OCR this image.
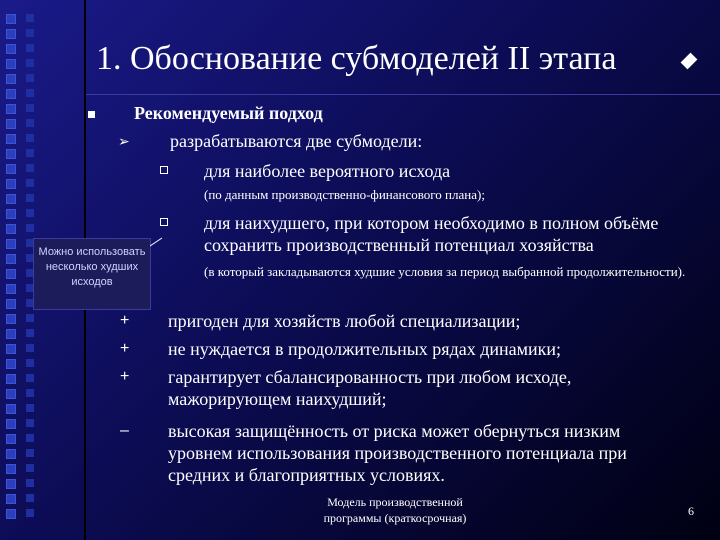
1. Обоснование субмоделей II этапа
Рекомендуемый подход
➢ разрабатываются две субмодели:
для наиболее вероятного исхода
(по данным производственно-финансового плана);
для наихудшего, при котором необходимо в полном объёме сохранить производственный потенциал хозяйства
(в который закладываются худшие условия за период выбранной продолжительности).
Можно использовать несколько худших исходов
+ пригоден для хозяйств любой специализации;
+ не нуждается в продолжительных рядах динамики;
+ гарантирует сбалансированность при любом исходе, мажорирующем наихудший;
– высокая защищённость от риска может обернуться низким уровнем использования производственного потенциала при средних и благоприятных условиях.
Модель производственной программы (краткосрочная)	6
